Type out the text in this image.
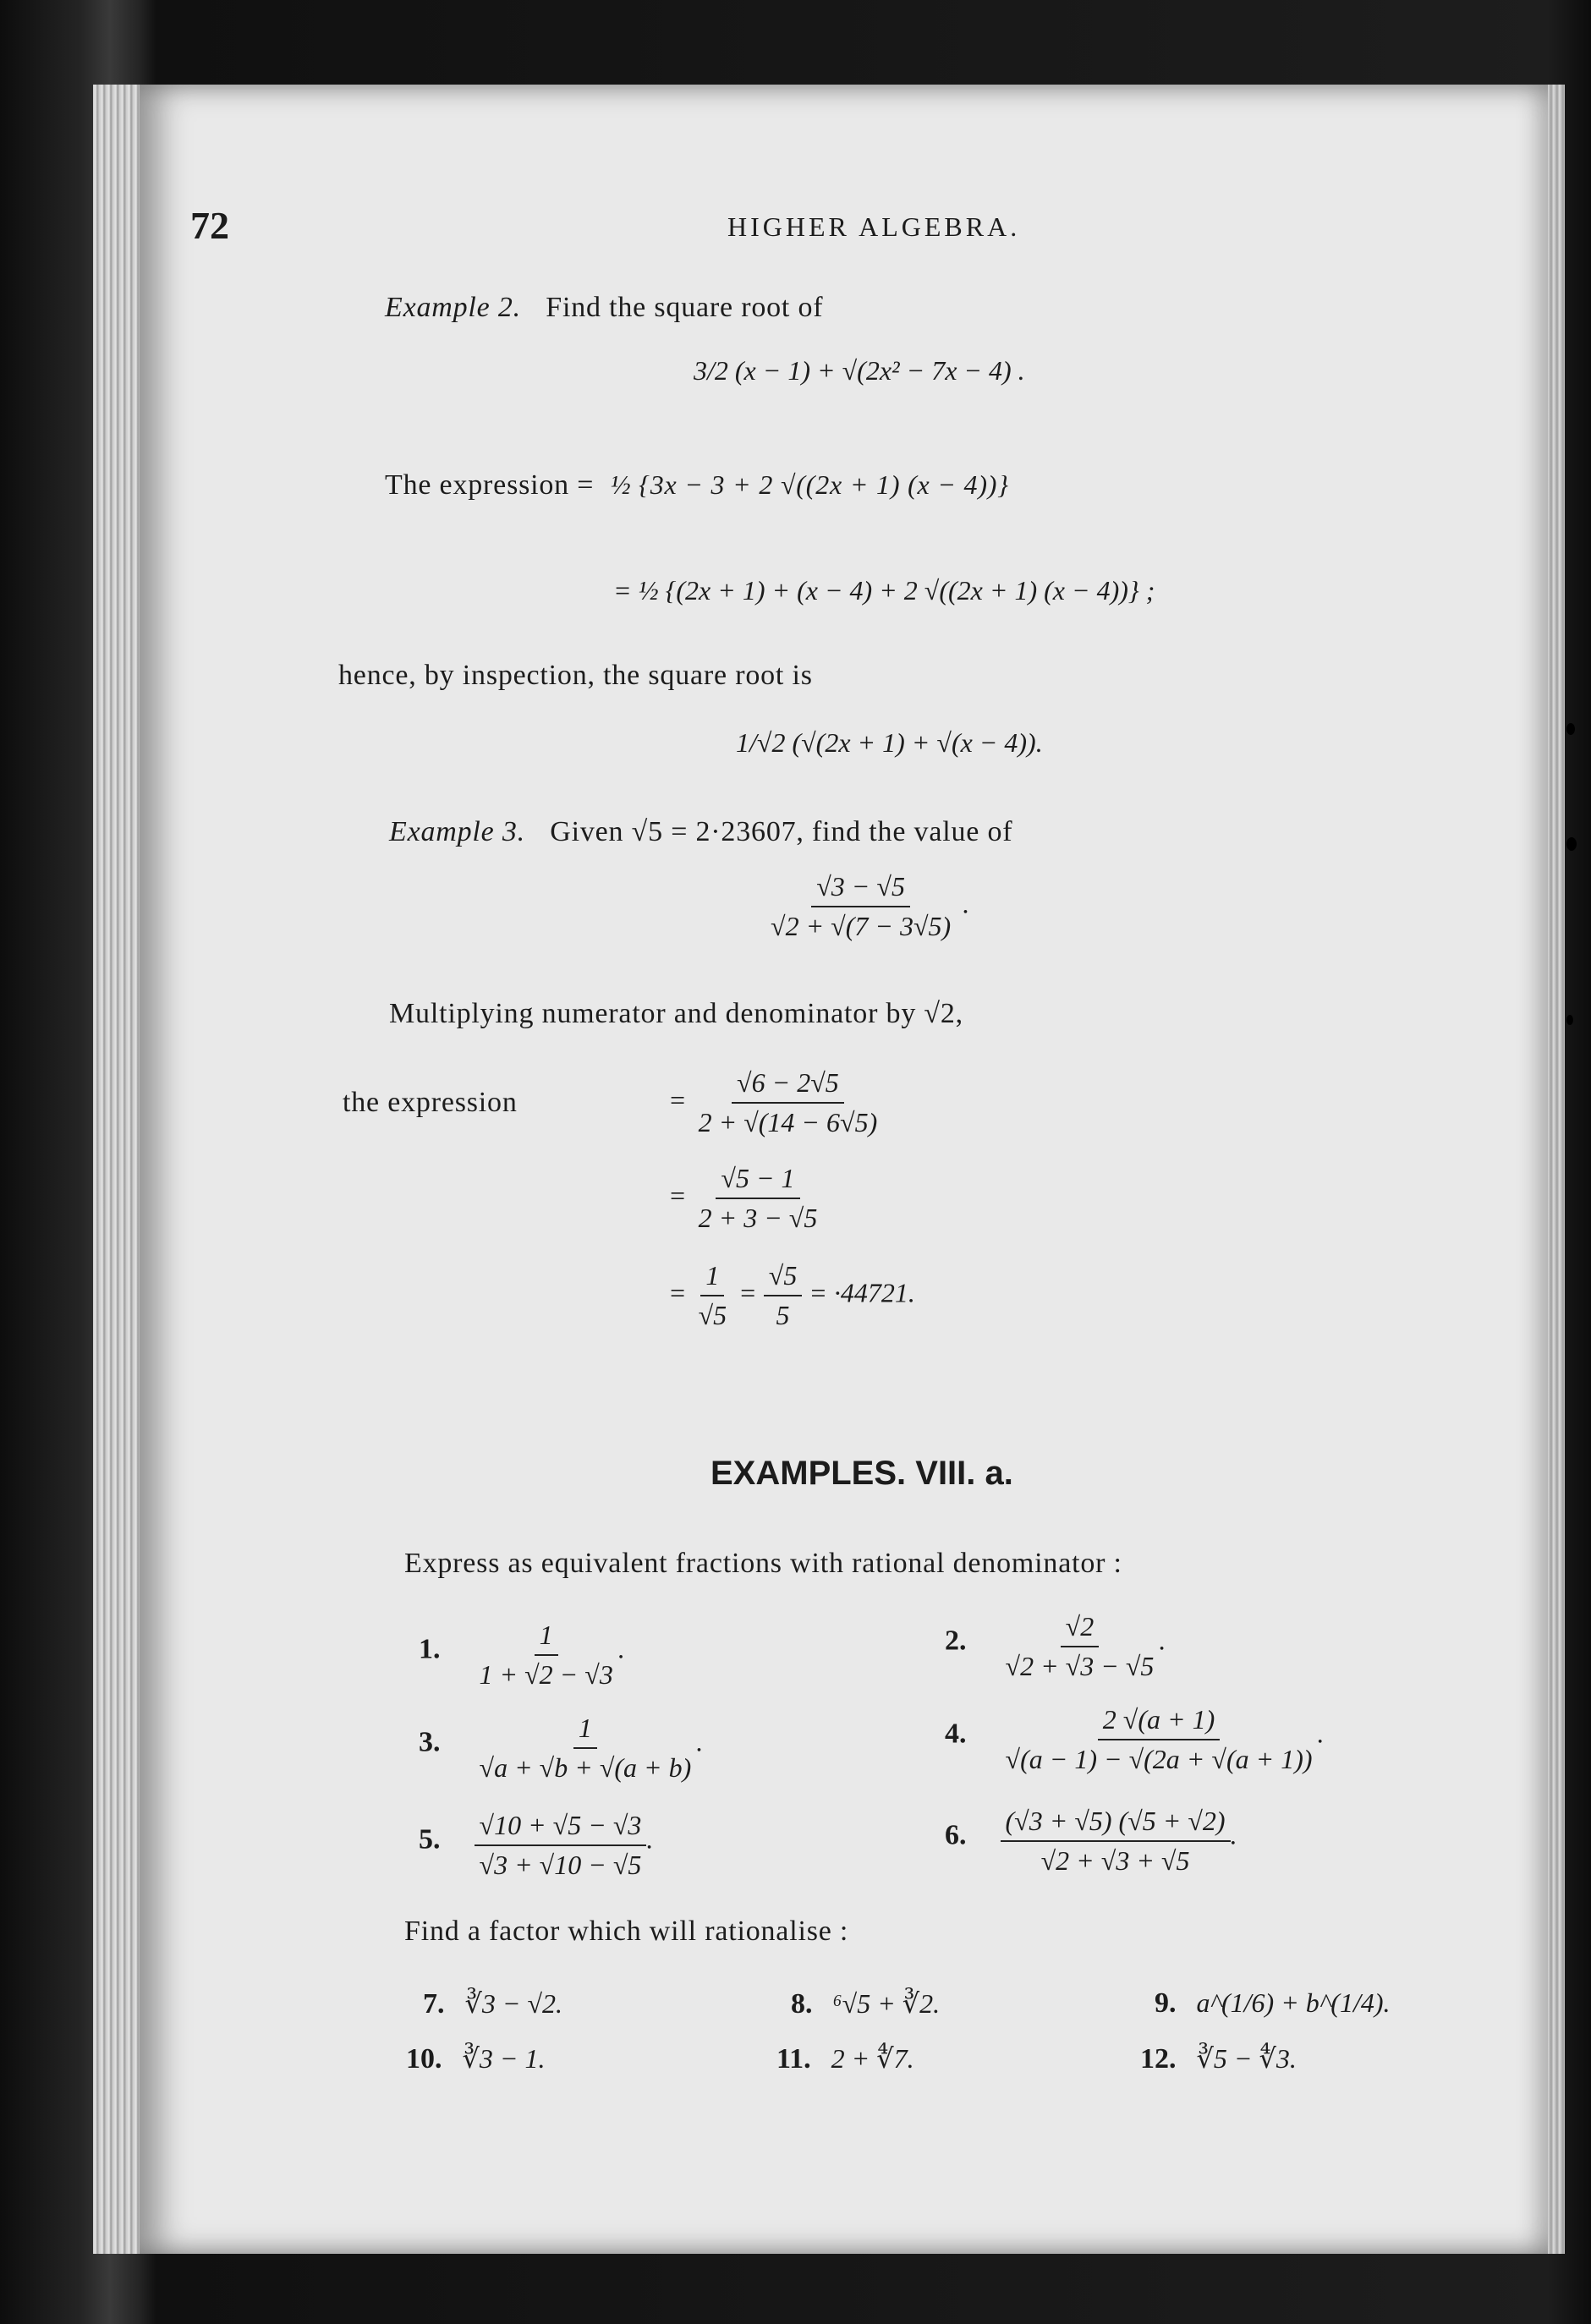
72	HIGHER ALGEBRA.
Example 2. Find the square root of
3/2 (x − 1) + √(2x² − 7x − 4) .
The expression = ½ {3x − 3 + 2 √((2x + 1) (x − 4))}
= ½ {(2x + 1) + (x − 4) + 2 √((2x + 1) (x − 4))} ;
hence, by inspection, the square root is
1/√2 (√(2x + 1) + √(x − 4)).
Example 3. Given √5 = 2·23607, find the value of
$\frac{√3 - √5}{√2 + √(7 - 3√5)}$ .
Multiplying numerator and denominator by √2,
the expression	= $\frac{√6 - 2√5}{2 + √(14 - 6√5)}$
= $\frac{√5 - 1}{2 + 3 - √5}$
= $\frac{1}{√5} = \frac{√5}{5} = \cdot 44721$.
EXAMPLES. VIII. a.
Express as equivalent fractions with rational denominator :
1. $\frac{1}{1 + √2 - √3}$ .	2. $\frac{√2}{√2 + √3 - √5}$ .
3. $\frac{1}{√a + √b + √(a + b)}$ .	4. $\frac{2 √(a + 1)}{√(a - 1) - √(2a + √(a + 1))}$ .
5. $\frac{√10 + √5 - √3}{√3 + √10 - √5}$ .	6. $\frac{(√3 + √5) (√5 + √2)}{√2 + √3 + √5}$ .
Find a factor which will rationalise :
7. ∛3 − √2.	8. ⁶√5 + ∛2.	9. a^(1/6) + b^(1/4).
10. ∛3 − 1.	11. 2 + ∜7.	12. ∛5 − ∜3.
